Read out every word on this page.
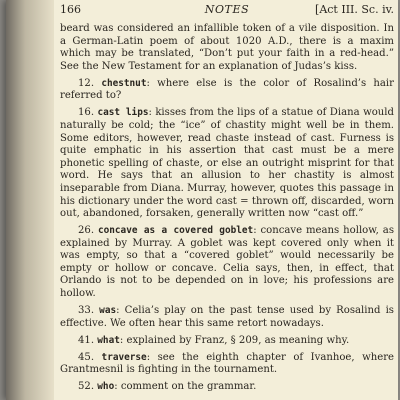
NOTES
166	[Act III. Sc. iv.

beard was considered an infallible token of a vile disposition. In a German-Latin poem of about 1020 A.D., there is a maxim which may be translated, “Don’t put your faith in a red-head.” See the New Testament for an explanation of Judas’s kiss.

12. chestnut: where else is the color of Rosalind’s hair referred to?

16. cast lips: kisses from the lips of a statue of Diana would naturally be cold; the “ice” of chastity might well be in them. Some editors, however, read chaste instead of cast. Furness is quite emphatic in his assertion that cast must be a mere phonetic spelling of chaste, or else an outright misprint for that word. He says that an allusion to her chastity is almost inseparable from Diana. Murray, however, quotes this passage in his dictionary under the word cast = thrown off, discarded, worn out, abandoned, forsaken, generally written now “cast off.”

26. concave as a covered goblet: concave means hollow, as explained by Murray. A goblet was kept covered only when it was empty, so that a “covered goblet” would necessarily be empty or hollow or concave. Celia says, then, in effect, that Orlando is not to be depended on in love; his professions are hollow.

33. was: Celia’s play on the past tense used by Rosalind is effective. We often hear this same retort nowadays.

41. what: explained by Franz, § 209, as meaning why.

45. traverse: see the eighth chapter of Ivanhoe, where Grantmesnil is fighting in the tournament.

52. who: comment on the grammar.
